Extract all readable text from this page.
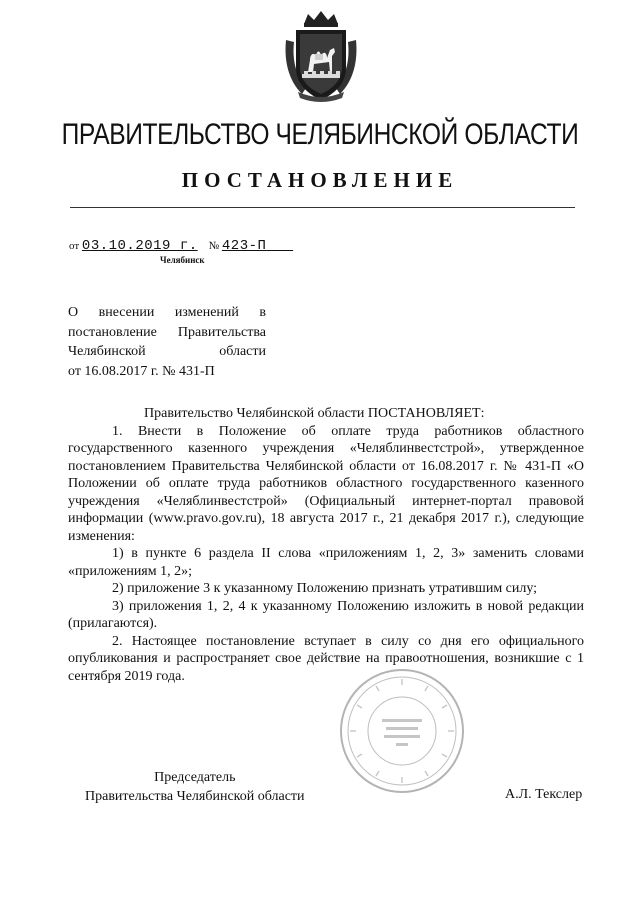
ПРАВИТЕЛЬСТВО ЧЕЛЯБИНСКОЙ ОБЛАСТИ
ПОСТАНОВЛЕНИЕ
от 03.10.2019 г. № 423-П
Челябинск
О внесении изменений в
постановление Правительства
Челябинской области
от 16.08.2017 г. № 431-П
Правительство Челябинской области ПОСТАНОВЛЯЕТ:

1. Внести в Положение об оплате труда работников областного государственного казенного учреждения «Челяблинвестстрой», утвержденное постановлением Правительства Челябинской области от 16.08.2017 г. № 431-П «О Положении об оплате труда работников областного государственного казенного учреждения «Челяблинвестстрой» (Официальный интернет-портал правовой информации (www.pravo.gov.ru), 18 августа 2017 г., 21 декабря 2017 г.), следующие изменения:

1) в пункте 6 раздела II слова «приложениям 1, 2, 3» заменить словами «приложениям 1, 2»;

2) приложение 3 к указанному Положению признать утратившим силу;

3) приложения 1, 2, 4 к указанному Положению изложить в новой редакции (прилагаются).

2. Настоящее постановление вступает в силу со дня его официального опубликования и распространяет свое действие на правоотношения, возникшие с 1 сентября 2019 года.

Председатель
Правительства Челябинской области	А.Л. Текслер
